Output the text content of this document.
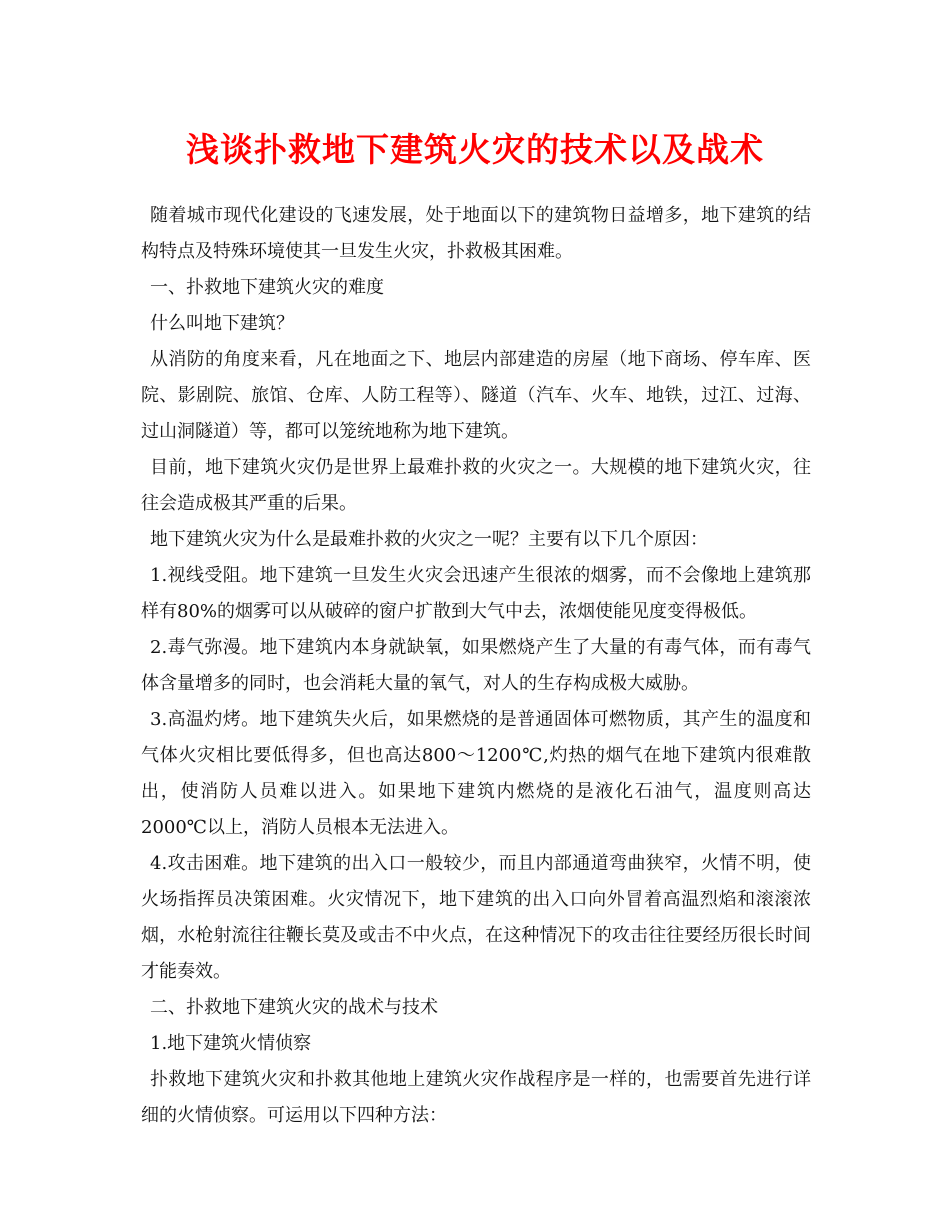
浅谈扑救地下建筑火灾的技术以及战术

随着城市现代化建设的飞速发展，处于地面以下的建筑物日益增多，地下建筑的结构特点及特殊环境使其一旦发生火灾，扑救极其困难。

一、扑救地下建筑火灾的难度

什么叫地下建筑？

从消防的角度来看，凡在地面之下、地层内部建造的房屋（地下商场、停车库、医院、影剧院、旅馆、仓库、人防工程等）、隧道（汽车、火车、地铁，过江、过海、过山洞隧道）等，都可以笼统地称为地下建筑。

目前，地下建筑火灾仍是世界上最难扑救的火灾之一。大规模的地下建筑火灾，往往会造成极其严重的后果。

地下建筑火灾为什么是最难扑救的火灾之一呢？主要有以下几个原因：

1.视线受阻。地下建筑一旦发生火灾会迅速产生很浓的烟雾，而不会像地上建筑那样有80%的烟雾可以从破碎的窗户扩散到大气中去，浓烟使能见度变得极低。

2.毒气弥漫。地下建筑内本身就缺氧，如果燃烧产生了大量的有毒气体，而有毒气体含量增多的同时，也会消耗大量的氧气，对人的生存构成极大威胁。

3.高温灼烤。地下建筑失火后，如果燃烧的是普通固体可燃物质，其产生的温度和气体火灾相比要低得多，但也高达800～1200℃,灼热的烟气在地下建筑内很难散出，使消防人员难以进入。如果地下建筑内燃烧的是液化石油气，温度则高达2000℃以上，消防人员根本无法进入。

4.攻击困难。地下建筑的出入口一般较少，而且内部通道弯曲狭窄，火情不明，使火场指挥员决策困难。火灾情况下，地下建筑的出入口向外冒着高温烈焰和滚滚浓烟，水枪射流往往鞭长莫及或击不中火点，在这种情况下的攻击往往要经历很长时间才能奏效。

二、扑救地下建筑火灾的战术与技术

1.地下建筑火情侦察

扑救地下建筑火灾和扑救其他地上建筑火灾作战程序是一样的，也需要首先进行详细的火情侦察。可运用以下四种方法：
